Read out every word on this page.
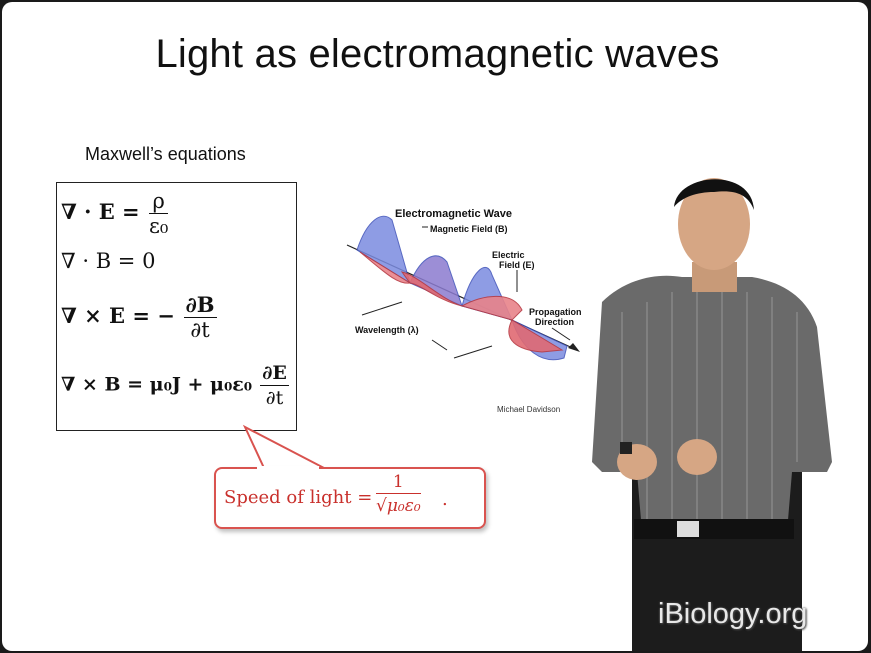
Light as electromagnetic waves
Maxwell’s equations
∇ · $E = \frac{\rho}{\text{ε₀}}$
∇ · B = 0
∇ × E = − $\frac{\partial B}{\partial t}$
∇ × $B = \mu_0J + \mu_0\varepsilon_0 \frac{\partial E}{\partial t}$
Speed of light = $\frac{1}{\text{√μ₀ε₀}}$ .
Electromagnetic Wave
Magnetic Field (B)
Electric
Field (E)
Propagation
Direction
Wavelength (λ)
Michael Davidson
iBiology.org
